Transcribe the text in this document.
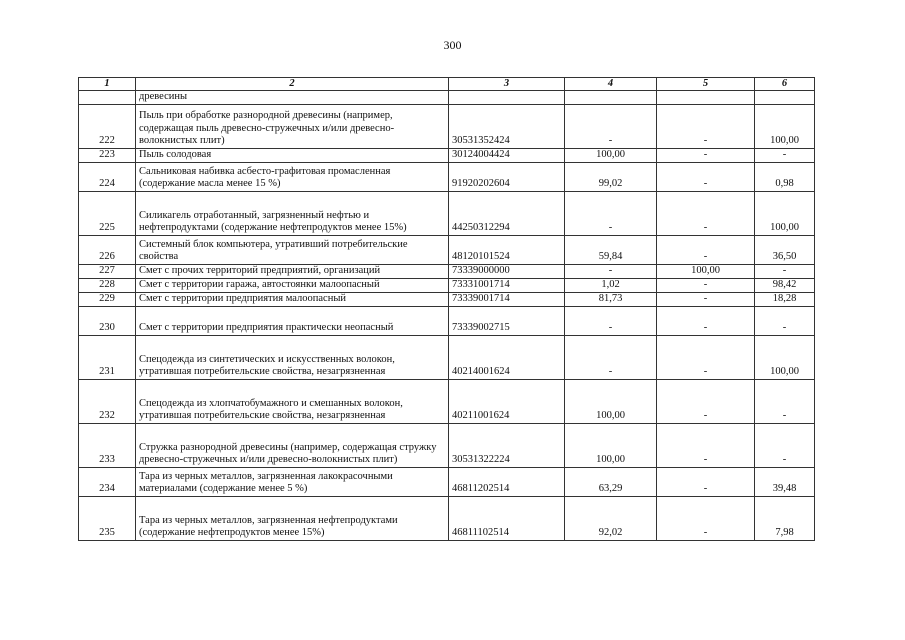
300
1	2	3	4	5	6
	древесины				
222	Пыль при обработке разнородной древесины (например, содержащая пыль древесно-стружечных и/или древесно-волокнистых плит)	30531352424	-	-	100,00
223	Пыль солодовая	30124004424	100,00	-	-
224	Сальниковая набивка асбесто-графитовая промасленная (содержание масла менее 15 %)	91920202604	99,02	-	0,98
225	Силикагель отработанный, загрязненный нефтью и нефтепродуктами (содержание нефтепродуктов менее 15%)	44250312294	-	-	100,00
226	Системный блок компьютера, утративший потребительские свойства	48120101524	59,84	-	36,50
227	Смет с прочих территорий предприятий, организаций	73339000000	-	100,00	-
228	Смет с территории гаража, автостоянки малоопасный	73331001714	1,02	-	98,42
229	Смет с территории предприятия малоопасный	73339001714	81,73	-	18,28
230	Смет с территории предприятия практически неопасный	73339002715	-	-	-
231	Спецодежда из синтетических и искусственных волокон, утратившая потребительские свойства, незагрязненная	40214001624	-	-	100,00
232	Спецодежда из хлопчатобумажного и смешанных волокон, утратившая потребительские свойства, незагрязненная	40211001624	100,00	-	-
233	Стружка разнородной древесины (например, содержащая стружку древесно-стружечных и/или древесно-волокнистых плит)	30531322224	100,00	-	-
234	Тара из черных металлов, загрязненная лакокрасочными материалами (содержание менее 5 %)	46811202514	63,29	-	39,48
235	Тара из черных металлов, загрязненная нефтепродуктами (содержание нефтепродуктов менее 15%)	46811102514	92,02	-	7,98
